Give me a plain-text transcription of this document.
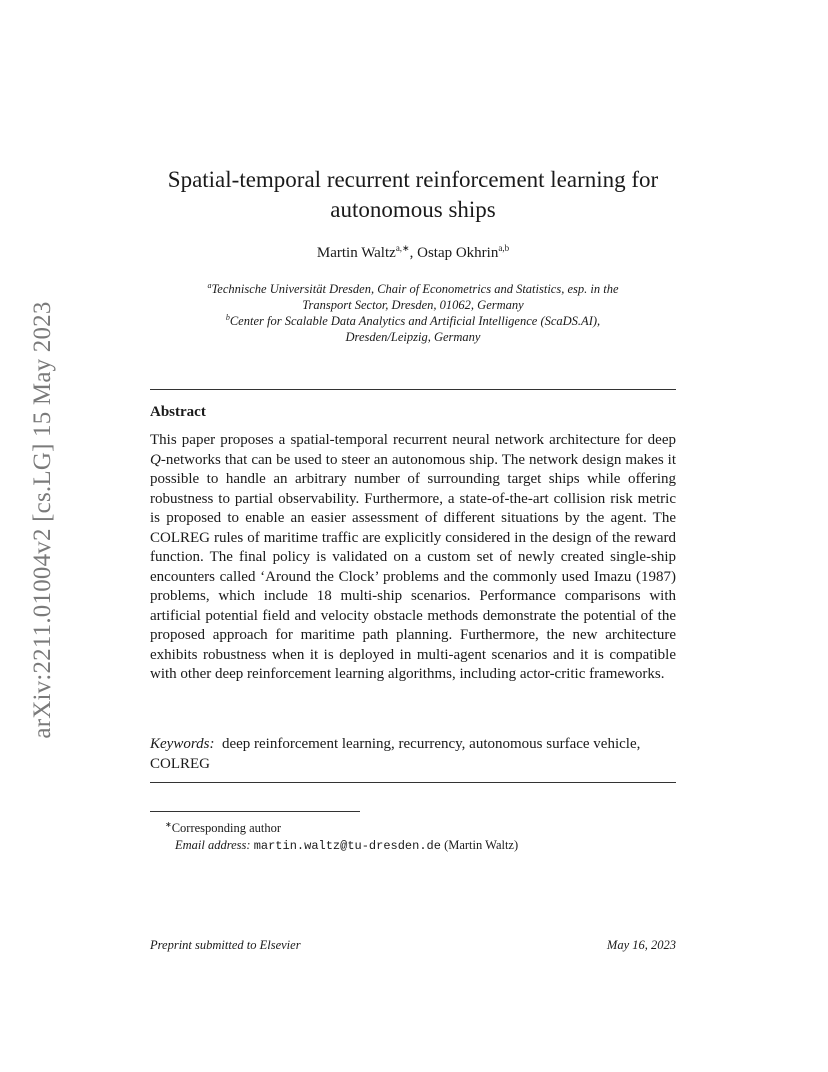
arXiv:2211.01004v2 [cs.LG] 15 May 2023
Spatial-temporal recurrent reinforcement learning for
autonomous ships
Martin Waltz$^{a,∗}$, Ostap Okhrin$^{a,b}$
$^a$Technische Universität Dresden, Chair of Econometrics and Statistics, esp. in the
Transport Sector, Dresden, 01062, Germany
$^b$Center for Scalable Data Analytics and Artificial Intelligence (ScaDS.AI),
Dresden/Leipzig, Germany
Abstract
This paper proposes a spatial-temporal recurrent neural network architecture for deep Q-networks that can be used to steer an autonomous ship. The network design makes it possible to handle an arbitrary number of surrounding target ships while offering robustness to partial observability. Furthermore, a state-of-the-art collision risk metric is proposed to enable an easier assessment of different situations by the agent. The COLREG rules of maritime traffic are explicitly considered in the design of the reward function. The final policy is validated on a custom set of newly created single-ship encounters called ‘Around the Clock’ problems and the commonly used Imazu (1987) problems, which include 18 multi-ship scenarios. Performance comparisons with artificial potential field and velocity obstacle methods demonstrate the potential of the proposed approach for maritime path planning. Furthermore, the new architecture exhibits robustness when it is deployed in multi-agent scenarios and it is compatible with other deep reinforcement learning algorithms, including actor-critic frameworks.
Keywords: deep reinforcement learning, recurrency, autonomous surface vehicle, COLREG
∗Corresponding author
Email address: martin.waltz@tu-dresden.de (Martin Waltz)
Preprint submitted to Elsevier	May 16, 2023
